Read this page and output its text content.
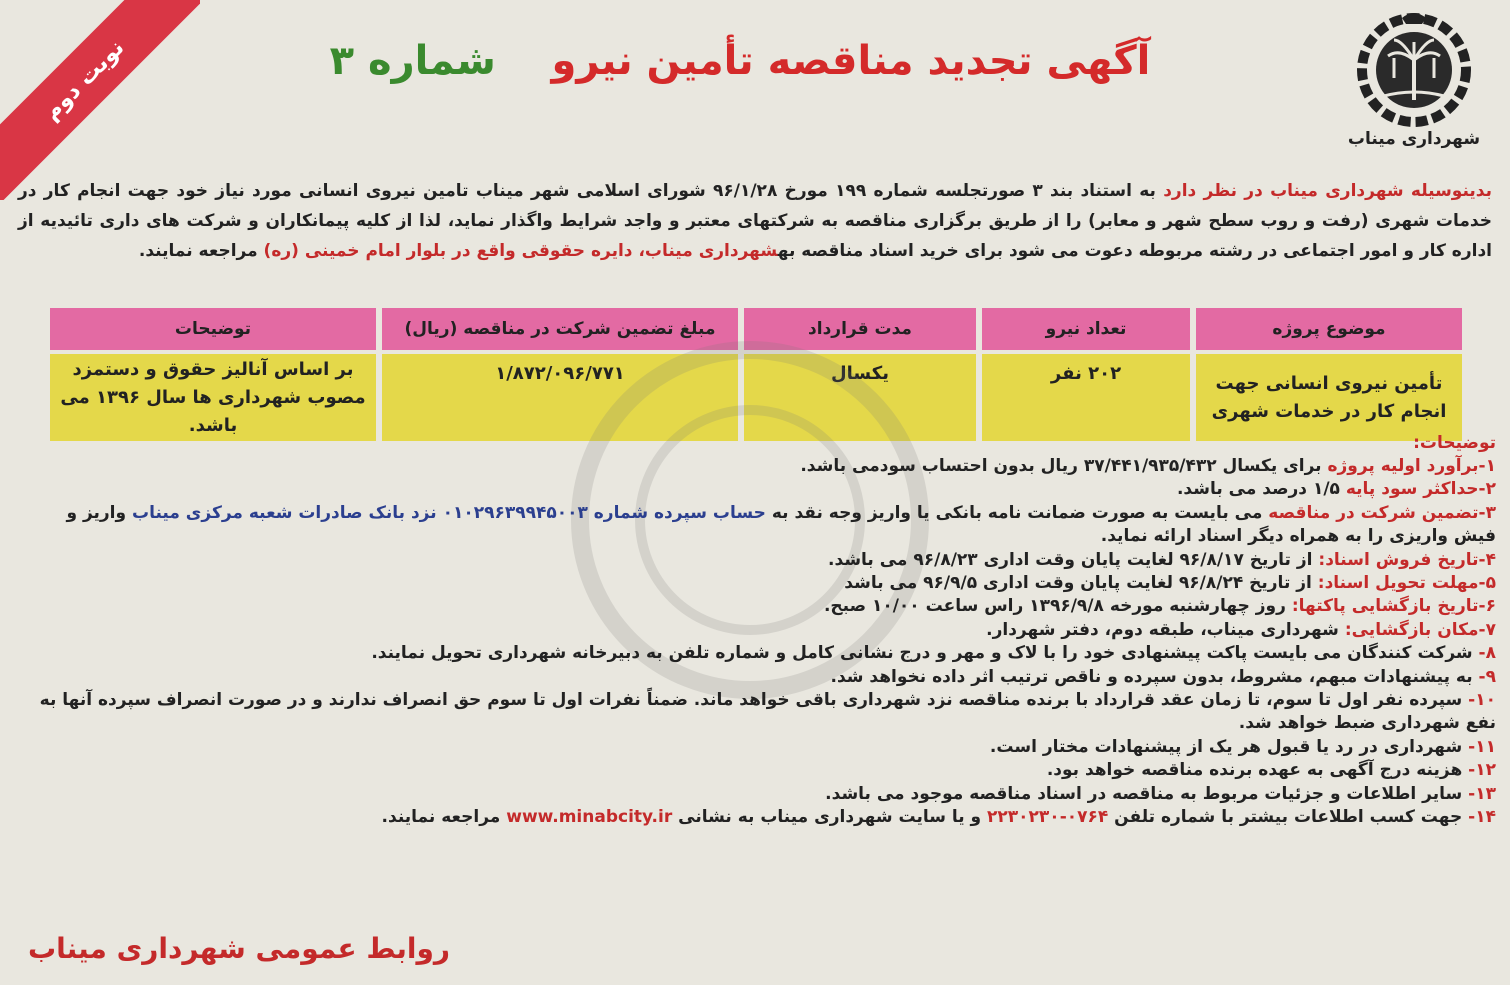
نوبت دوم
شهرداری میناب
آگهی تجدید مناقصه تأمین نیرو    شماره ۳
بدینوسیله شهرداری میناب در نظر دارد به استناد بند ۳ صورتجلسه شماره ۱۹۹ مورخ ۹۶/۱/۲۸ شورای اسلامی شهر میناب تامین نیروی انسانی مورد نیاز خود جهت انجام کار در خدمات شهری (رفت و روب سطح شهر و معابر) را از طریق برگزاری مناقصه به شرکتهای معتبر و واجد شرایط واگذار نماید، لذا از کلیه پیمانکاران و شرکت های داری تائیدیه از اداره کار و امور اجتماعی در رشته مربوطه دعوت می شود برای خرید اسناد مناقصه بهشهرداری میناب، دایره حقوقی واقع در بلوار امام خمینی (ره) مراجعه نمایند.
موضوع پروژه	تعداد نیرو	مدت قرارداد	مبلغ تضمین شرکت در مناقصه (ریال)	توضیحات
تأمین نیروی انسانی جهت انجام کار در خدمات شهری	۲۰۲ نفر	یکسال	۱/۸۷۲/۰۹۶/۷۷۱	بر اساس آنالیز حقوق و دستمزد مصوب شهرداری ها سال ۱۳۹۶ می باشد.
توضیحات:

۱-برآورد اولیه پروژه برای یکسال ۳۷/۴۴۱/۹۳۵/۴۳۲ ریال بدون احتساب سودمی باشد.

۲-حداکثر سود پایه ۱/۵ درصد می باشد.

۳-تضمین شرکت در مناقصه می بایست به صورت ضمانت نامه بانکی یا واریز وجه نقد به حساب سپرده شماره ۰۱۰۲۹۶۳۹۹۴۵۰۰۳ نزد بانک صادرات شعبه مرکزی میناب واریز و فیش واریزی را به همراه دیگر اسناد ارائه نماید.

۴-تاریخ فروش اسناد: از تاریخ ۹۶/۸/۱۷ لغایت پایان وقت اداری ۹۶/۸/۲۳ می باشد.

۵-مهلت تحویل اسناد: از تاریخ ۹۶/۸/۲۴ لغایت پایان وقت اداری ۹۶/۹/۵ می باشد

۶-تاریخ بازگشایی پاکتها: روز چهارشنبه مورخه ۱۳۹۶/۹/۸ راس ساعت ۱۰/۰۰ صبح.

۷-مکان بازگشایی: شهرداری میناب، طبقه دوم، دفتر شهردار.

۸- شرکت کنندگان می بایست پاکت پیشنهادی خود را با لاک و مهر و درج نشانی کامل و شماره تلفن به دبیرخانه شهرداری تحویل نمایند.

۹- به پیشنهادات مبهم، مشروط، بدون سپرده و ناقص ترتیب اثر داده نخواهد شد.

۱۰- سپرده نفر اول تا سوم، تا زمان عقد قرارداد با برنده مناقصه نزد شهرداری باقی خواهد ماند. ضمناً نفرات اول تا سوم حق انصراف ندارند و در صورت انصراف سپرده آنها به نفع شهرداری ضبط خواهد شد.

۱۱- شهرداری در رد یا قبول هر یک از پیشنهادات مختار است.

۱۲- هزینه درج آگهی به عهده برنده مناقصه خواهد بود.

۱۳- سایر اطلاعات و جزئیات مربوط به مناقصه در اسناد مناقصه موجود می باشد.

۱۴- جهت کسب اطلاعات بیشتر با شماره تلفن ۰۷۶۴-۲۲۳۰۲۳۰ و یا سایت شهرداری میناب به نشانی www.minabcity.ir مراجعه نمایند.

روابط عمومی شهرداری میناب
